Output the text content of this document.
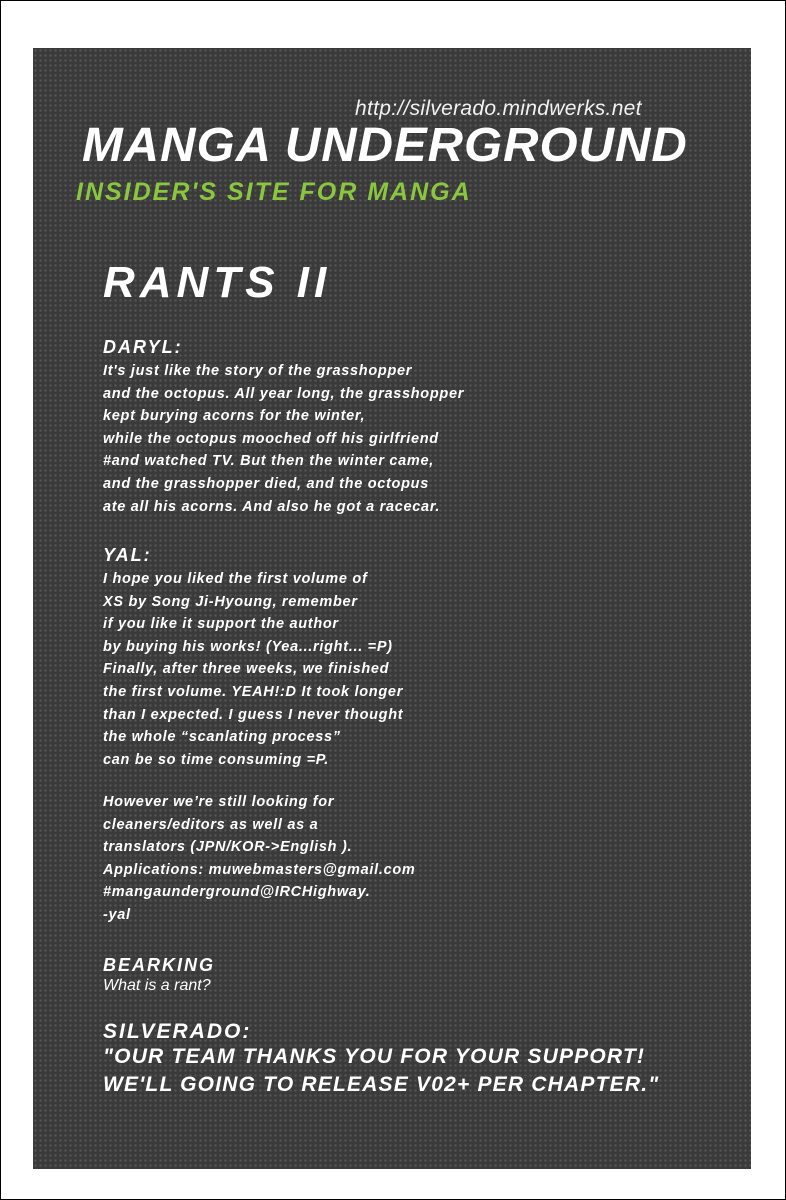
http://silverado.mindwerks.net
MANGA UNDERGROUND
INSIDER'S SITE FOR MANGA
RANTS II
DARYL:
It's just like the story of the grasshopper
and the octopus. All year long, the grasshopper
kept burying acorns for the winter,
while the octopus mooched off his girlfriend
#and watched TV. But then the winter came,
and the grasshopper died, and the octopus
ate all his acorns. And also he got a racecar.
YAL:
I hope you liked the first volume of
XS by Song Ji-Hyoung, remember
if you like it support the author
by buying his works! (Yea...right... =P)
Finally, after three weeks, we finished
the first volume. YEAH!:D It took longer
than I expected. I guess I never thought
the whole “scanlating process”
can be so time consuming =P.
However we’re still looking for
cleaners/editors as well as a
translators (JPN/KOR->English ).
Applications: muwebmasters@gmail.com
#mangaunderground@IRCHighway.
-yal
BEARKING
What is a rant?
SILVERADO:
"OUR TEAM THANKS YOU FOR YOUR SUPPORT!
WE'LL GOING TO RELEASE V02+ PER CHAPTER."
